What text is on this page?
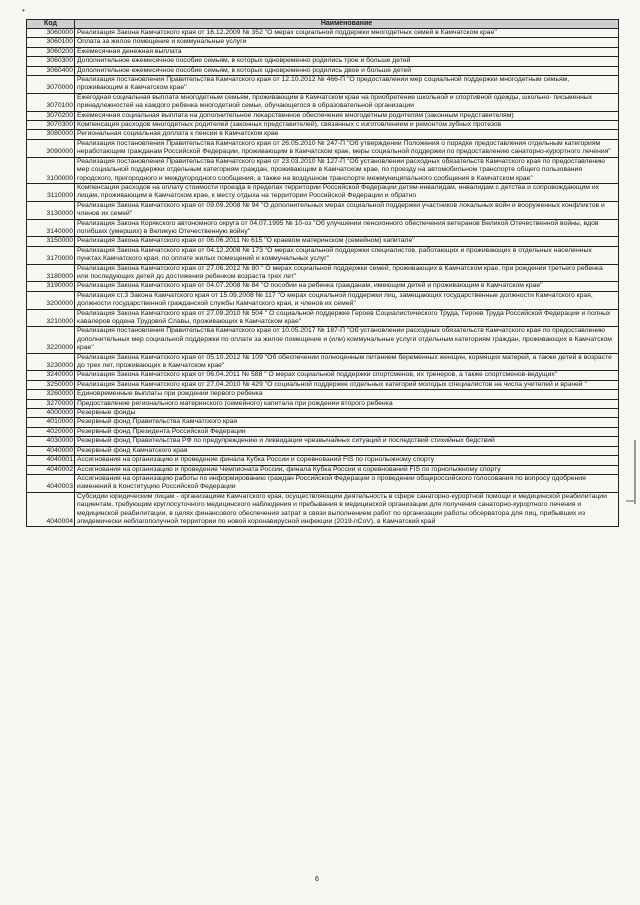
•
Код	Наименование
3060000	Реализация Закона Камчатского края от 16.12.2009 № 352 "О мерах социальной поддержки многодетных семей в Камчатском крае"
3060100	Оплата за жилое помещение и коммунальные услуги
3060200	Ежемесячная денежная выплата
3060300	Дополнительное ежемесячное пособие семьям, в которых одновременно родились трое и больше детей
3060400	Дополнительное ежемесячное пособие семьям, в которых одновременно родились двое и больше детей
3070000	Реализация постановления Правительства Камчатского края от 12.10.2012 № 466-П "О предоставлении мер социальной поддержки многодетным семьям, проживающим в Камчатском крае"
3070100	Ежегодная социальная выплата многодетным семьям, проживающим в Камчатском крае на приобретение школьной и спортивной одежды, школьно- письменных принадлежностей на каждого ребенка многодетной семьи, обучающегося в образовательной организации
3070200	Ежемесячная социальная выплата на дополнительное лекарственное обеспечение многодетным родителям (законным представителям)
3070300	Компенсация расходов многодетных родителей (законных представителей), связанных с изготовлением и ремонтом зубных протезов
3080000	Региональная социальная доплата к пенсии в Камчатском крае
3090000	Реализация постановления Правительства Камчатского края от 26.05.2010 № 247-П "Об утверждении Положения о порядке предоставления отдельным категориям неработающим гражданам Российской Федерации, проживающим в Камчатском крае, меры социальной поддержки по предоставлению санаторно-курортного лечения"
3100000	Реализация постановления Правительства Камчатского края от 23.03.2010 № 127-П "Об установлении расходных обязательств Камчатского края по предоставлению мер социальной поддержки отдельным категориям граждан, проживающим в Камчатском крае, по проезду на автомобильном транспорте общего пользования городского, пригородного и междугородного сообщения, а также на воздушном транспорте межмуниципального сообщения в Камчатском крае"
3110000	Компенсация расходов на оплату стоимости проезда в пределах территории Российской Федерации детям-инвалидам, инвалидам с детства и сопровождающим их лицам, проживающим в Камчатском крае, к месту отдыха на территории Российской Федерации и обратно
3130000	Реализация Закона Камчатского края от 09.09.2008 № 94 "О дополнительных мерах социальной поддержки участников локальных войн и вооруженных конфликтов и членов их семей"
3140000	Реализация Закона Корякского автономного округа от 04.07.1995 № 10-оз "Об улучшении пенсионного обеспечения ветеранов Великой Отечественной войны, вдов погибших (умерших) в Великую Отечественную войну"
3150000	Реализация Закона Камчатского края от 06.06.2011 № 615 "О краевом материнском (семейном) капитале"
3170000	Реализация Закона Камчатского края от 04.12.2008 № 173 "О мерах социальной поддержки специалистов, работающих и проживающих в отдельных населенных пунктах Камчатского края, по оплате жилых помещений и коммунальных услуг"
3180000	Реализация Закона Камчатского края от 27.06.2012 № 80 " О мерах социальной поддержки семей, проживающих в Камчатском крае, при рождении третьего ребенка или последующих детей до достижения ребенком возраста трех лет"
3190000	Реализация Закона Камчатского края от 04.07.2008 № 84 "О пособии на ребенка гражданам, имеющим детей и проживающим в Камчатском крае"
3200000	Реализация ст.3 Закона Камчатского края от 15.09.2008 № 117 "О мерах социальной поддержки лиц, замещающих государственные должности Камчатского края, должности государственной гражданской службы Камчатского края, и членов их семей"
3210000	Реализация Закона Камчатского края от 27.09.2010 № 504 " О социальной поддержке Героев Социалистического Труда, Героев Труда Российской Федерации и полных кавалеров ордена Трудовой Славы, проживающих в Камчатском крае"
3220000	Реализация постановления Правительства Камчатского края от 10.05.2017 № 187-П "Об установлении расходных обязательств Камчатского края по предоставлению дополнительных мер социальной поддержки по оплате за жилое помещение и (или) коммунальные услуги отдельным категориям граждан, проживающих в Камчатском крае"
3230000	Реализация Закона Камчатского края от 05.10.2012 № 109 "Об обеспечении полноценным питанием беременных женщин, кормящих матерей, а также детей в возрасте до трех лет, проживающих в Камчатском крае"
3240000	Реализация Закона Камчатского края от 06.04.2011 № 588 " О мерах социальной поддержки спортсменов, их тренеров, а также спортсменов-ведущих"
3250000	Реализация Закона Камчатского края от 27.04.2010 № 429 "О социальной поддержке отдельных категорий молодых специалистов на числа учителей и врачей "
3260000	Единовременные выплаты при рождении первого ребенка
3270000	Предоставление регионального материнского (семейного) капитала при рождении второго ребенка
4000000	Резервные фонды
4010000	Резервный фонд Правительства Камчатского края
4020000	Резервный фонд Президента Российской Федерации
4030000	Резервный фонд Правительства РФ по предупреждению и ликвидации чрезвычайных ситуаций и последствий стихийных бедствий
4040000	Резервный фонд Камчатского края
4040001	Ассигнования на организацию и проведение финала Кубка России и соревнований FIS по горнолыжному спорту
4040002	Ассигнования на организацию и проведение Чемпионата России, финала Кубка России и соревнований FIS по горнолыжному спорту
4040003	Ассигнования на организацию работы по информированию граждан Российской Федерации о проведении общероссийского голосования по вопросу одобрения изменений в Конституцию Российской Федерации
4040004	Субсидии юридическим лицам - организациям Камчатского края, осуществляющим деятельность в сфере санаторно-курортной помощи и медицинской реабилитации пациентам, требующим круглосуточного медицинского наблюдения и пребывания в медицинской организации для получения санаторно-курортного лечения и медицинской реабилитации, в целях финансового обеспечения затрат в связи выполнением работ по организации работы обсерватора для лиц, прибывших из эпидемически неблагополучной территории по новой коронавирусной инфекции (2019-nCoV), в Камчатский край
6
